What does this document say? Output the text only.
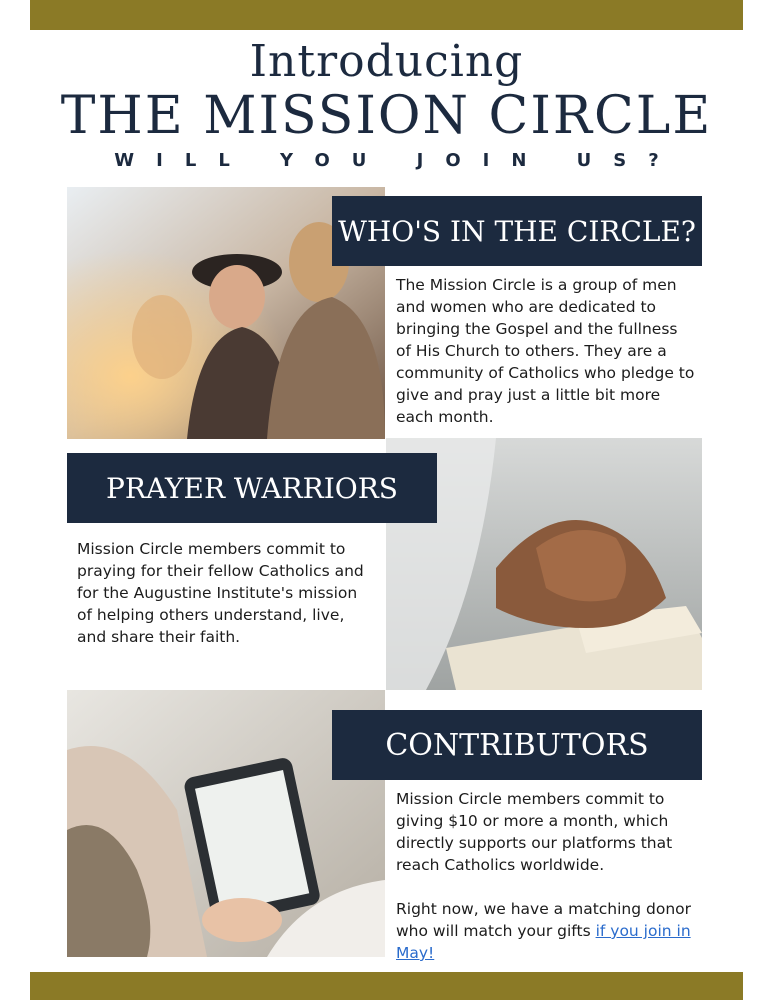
Introducing
THE MISSION CIRCLE
WILL YOU JOIN US?
WHO'S IN THE CIRCLE?
The Mission Circle is a group of men and women who are dedicated to bringing the Gospel and the fullness of His Church to others. They are a community of Catholics who pledge to give and pray just a little bit more each month.
PRAYER WARRIORS
Mission Circle members commit to praying for their fellow Catholics and for the Augustine Institute's mission of helping others understand, live, and share their faith.
CONTRIBUTORS

Mission Circle members commit to giving $10 or more a month, which directly supports our platforms that reach Catholics worldwide.

Right now, we have a matching donor who will match your gifts if you join in May!
